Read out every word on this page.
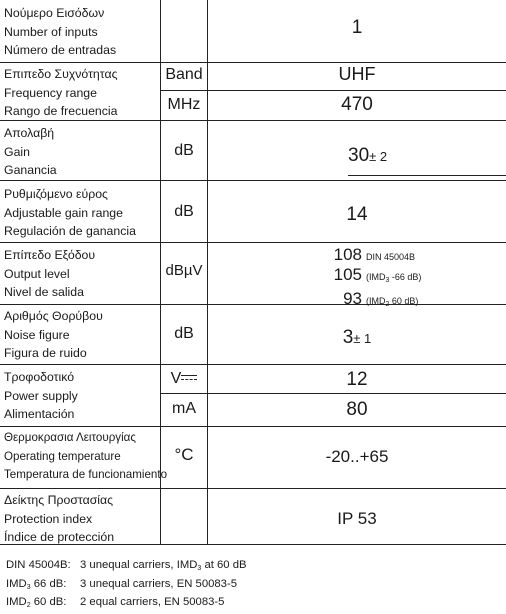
Νούμερο Εισόδων
Number of inputs
Número de entradas
1
Επιπεδο Συχνότητας
Frequency range
Rango de frecuencia
Band	UHF
MHz	470
Απολαβή
Gain
Ganancia
dB	30± 2
Ρυθμιζόμενο εύρος
Adjustable gain range
Regulación de ganancia
dB	14
Επίπεδο Εξόδου
Output level
Nivel de salida
dBµV
108 DIN 45004B
105 ($IMD_3$ -66 dB)
93 ($IMD_2$ 60 dB)
Αριθμός Θορύβου
Noise figure
Figura de ruido
dB	3± 1
Τροφοδοτικό
Power supply
Alimentación
V	12
mA	80
Θερμοκρασια Λειτουργίας
Operating temperature
Temperatura de funcionamiento
°C	-20..+65
Δείκτης Προστασίας
Protection index
Índice de protección
IP 53
DIN 45004B: 3 unequal carriers, $IMD_3$ at 60 dB
$IMD_3$ 66 dB: 3 unequal carriers, EN 50083-5
$IMD_2$ 60 dB: 2 equal carriers, EN 50083-5
